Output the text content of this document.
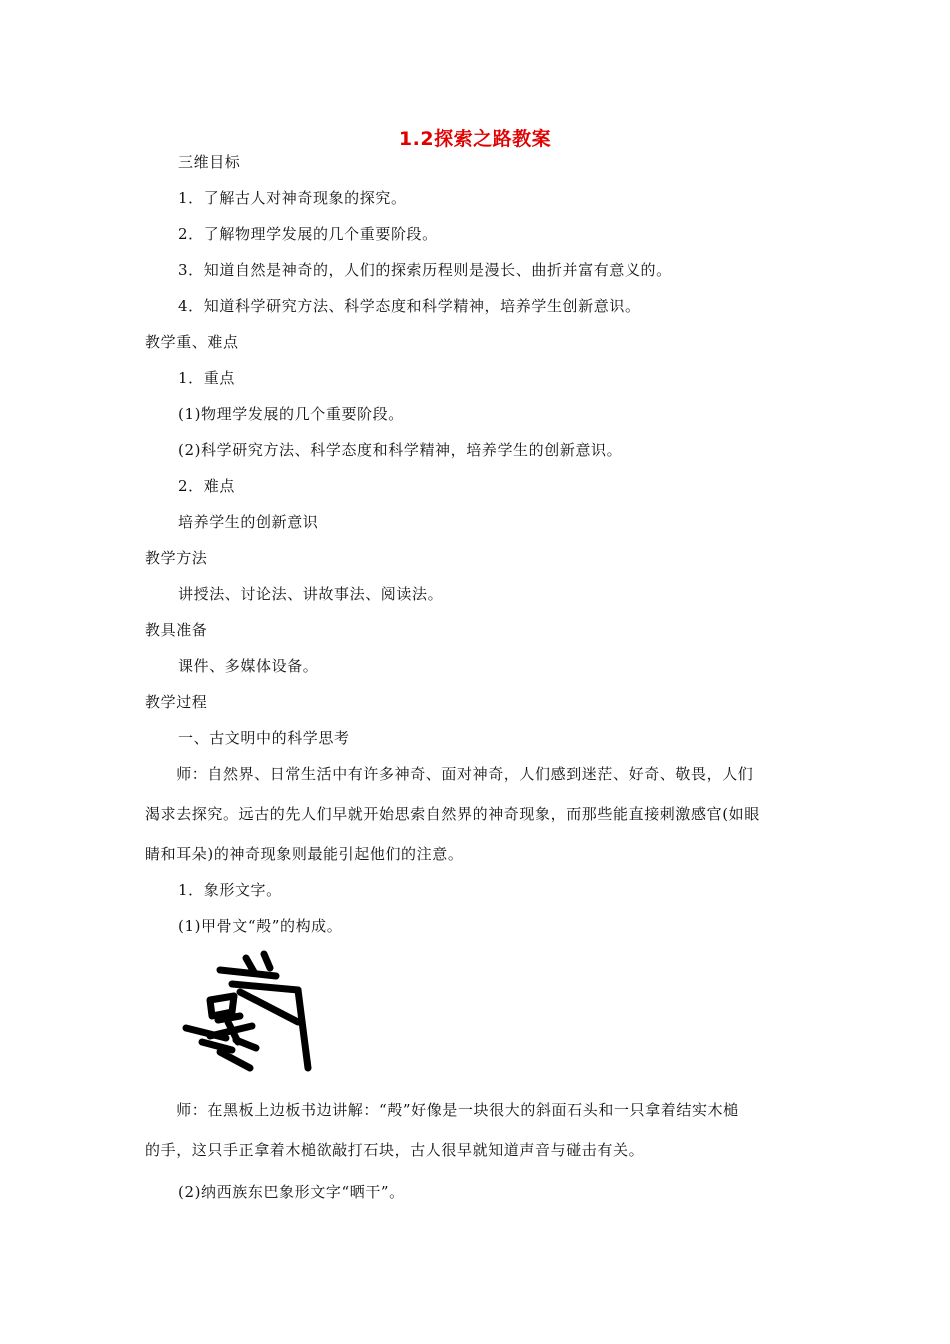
1.2探索之路教案
三维目标
1．了解古人对神奇现象的探究。
2．了解物理学发展的几个重要阶段。
3．知道自然是神奇的，人们的探索历程则是漫长、曲折并富有意义的。
4．知道科学研究方法、科学态度和科学精神，培养学生创新意识。
教学重、难点
1．重点
(1)物理学发展的几个重要阶段。
(2)科学研究方法、科学态度和科学精神，培养学生的创新意识。
2．难点
培养学生的创新意识
教学方法
讲授法、讨论法、讲故事法、阅读法。
教具准备
课件、多媒体设备。
教学过程
一、古文明中的科学思考
　　师：自然界、日常生活中有许多神奇、面对神奇，人们感到迷茫、好奇、敬畏，人们
渴求去探究。远古的先人们早就开始思索自然界的神奇现象，而那些能直接刺激感官(如眼
睛和耳朵)的神奇现象则最能引起他们的注意。
1．象形文字。
(1)甲骨文“殸”的构成。
　　师：在黑板上边板书边讲解：“殸”好像是一块很大的斜面石头和一只拿着结实木槌
的手，这只手正拿着木槌欲敲打石块，古人很早就知道声音与碰击有关。
(2)纳西族东巴象形文字“晒干”。
